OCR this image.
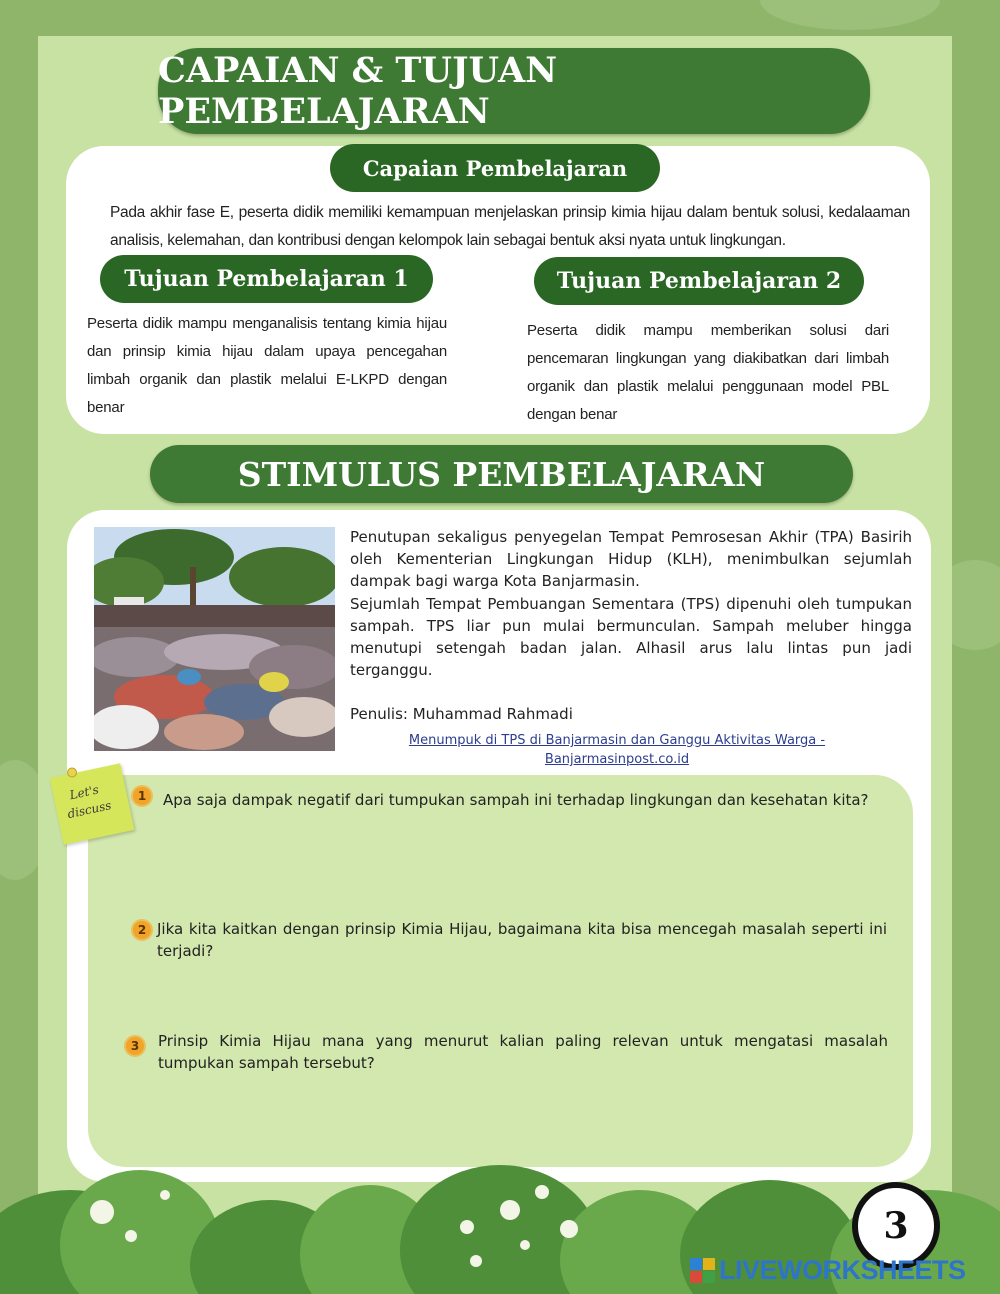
CAPAIAN & TUJUAN PEMBELAJARAN
Capaian Pembelajaran
Pada akhir fase E, peserta didik memiliki kemampuan menjelaskan prinsip kimia hijau dalam bentuk solusi, kedalaaman analisis, kelemahan, dan kontribusi dengan kelompok lain sebagai bentuk aksi nyata untuk lingkungan.
Tujuan Pembelajaran 1
Peserta didik mampu menganalisis tentang kimia hijau dan prinsip kimia hijau dalam upaya pencegahan limbah organik dan plastik melalui E-LKPD dengan benar
Tujuan Pembelajaran 2
Peserta didik mampu memberikan solusi dari pencemaran lingkungan yang diakibatkan dari limbah organik dan plastik melalui penggunaan model PBL dengan benar
STIMULUS PEMBELAJARAN
Penutupan sekaligus penyegelan Tempat Pemrosesan Akhir (TPA) Basirih oleh Kementerian Lingkungan Hidup (KLH), menimbulkan sejumlah dampak bagi warga Kota Banjarmasin.
Sejumlah Tempat Pembuangan Sementara (TPS) dipenuhi oleh tumpukan sampah. TPS liar pun mulai bermunculan. Sampah meluber hingga menutupi setengah badan jalan. Alhasil arus lalu lintas pun jadi terganggu.
Penulis: Muhammad Rahmadi
Menumpuk di TPS di Banjarmasin dan Ganggu Aktivitas Warga - Banjarmasinpost.co.id
Let's
discuss
1	Apa saja dampak negatif dari tumpukan sampah ini terhadap lingkungan dan kesehatan kita?
2 Jika kita kaitkan dengan prinsip Kimia Hijau, bagaimana kita bisa mencegah masalah seperti ini terjadi?
3	Prinsip Kimia Hijau mana yang menurut kalian paling relevan untuk mengatasi masalah tumpukan sampah tersebut?
3
LIVEWORKSHEETS
